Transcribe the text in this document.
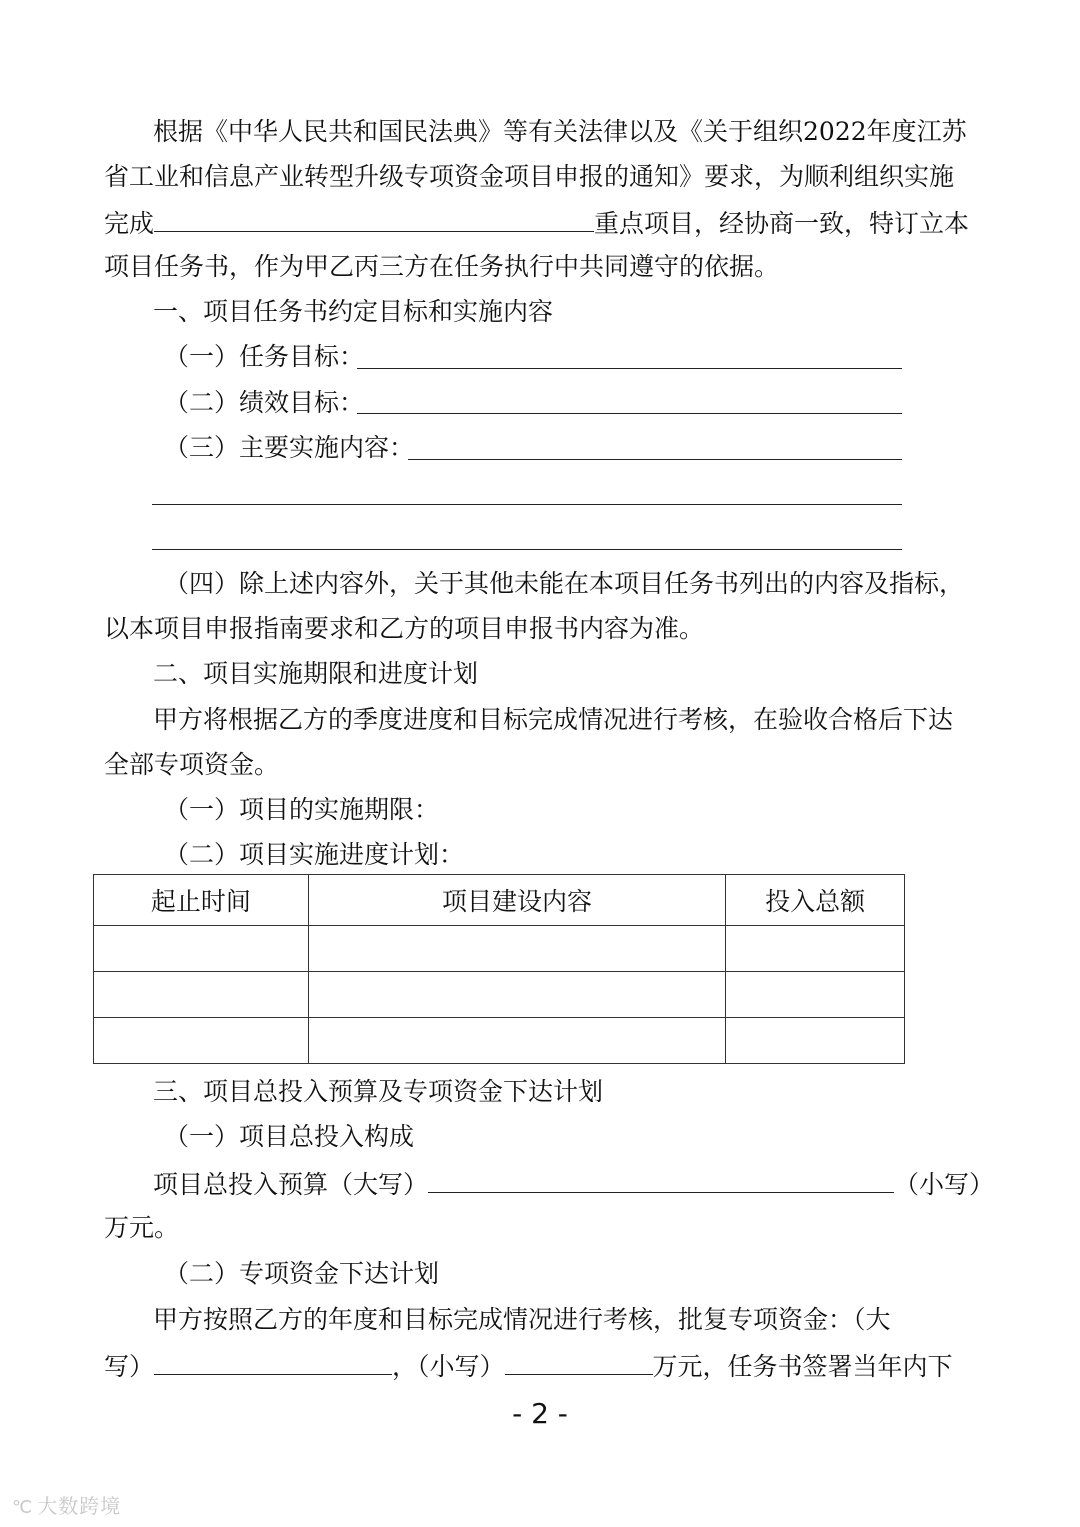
根据《中华人民共和国民法典》等有关法律以及《关于组织2022年度江苏
省工业和信息产业转型升级专项资金项目申报的通知》要求，为顺利组织实施
完成	重点项目，经协商一致，特订立本
项目任务书，作为甲乙丙三方在任务执行中共同遵守的依据。
一、项目任务书约定目标和实施内容
（一）任务目标：
（二）绩效目标：
（三）主要实施内容：
（四）除上述内容外，关于其他未能在本项目任务书列出的内容及指标，
以本项目申报指南要求和乙方的项目申报书内容为准。
二、项目实施期限和进度计划
甲方将根据乙方的季度进度和目标完成情况进行考核，在验收合格后下达
全部专项资金。
（一）项目的实施期限：
（二）项目实施进度计划：
起止时间	项目建设内容	投入总额

三、项目总投入预算及专项资金下达计划
（一）项目总投入构成
项目总投入预算（大写）	（小写）
万元。
（二）专项资金下达计划
甲方按照乙方的年度和目标完成情况进行考核，批复专项资金：（大
写）	，（小写）	万元，任务书签署当年内下
- 2 -
℃ 大数跨境
